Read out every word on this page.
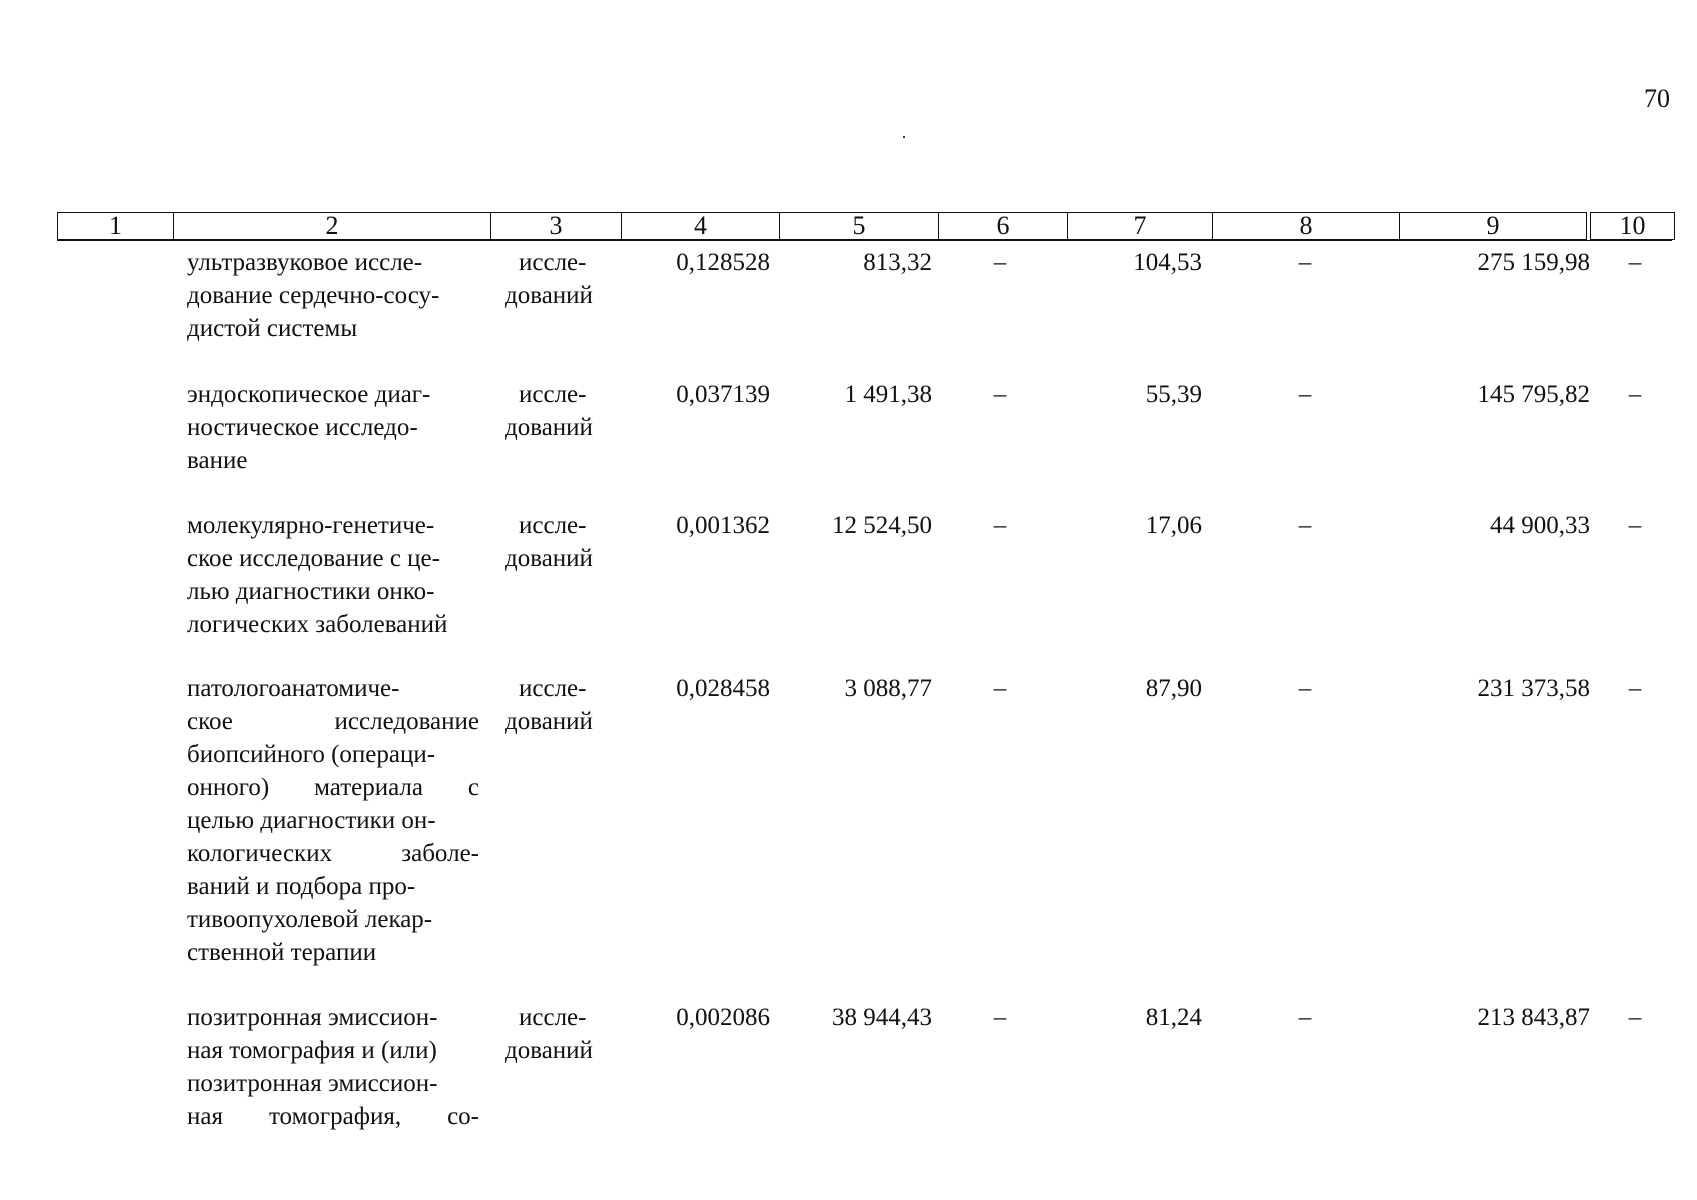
70
1	2	3	4	5	6	7	8	9	10
ультразвуковое иссле-
дование сердечно-сосу-
дистой системы
иссле-
дований
0,128528	813,32	–	104,53	–	275 159,98	–
эндоскопическое диаг-
ностическое исследо-
вание
иссле-
дований
0,037139	1 491,38	–	55,39	–	145 795,82	–
молекулярно-генетиче-
ское исследование с це-
лью диагностики онко-
логических заболеваний
иссле-
дований
0,001362	12 524,50	–	17,06	–	44 900,33	–
патологоанатомиче-
ское исследование
биопсийного (операци-
онного) материала с
целью диагностики он-
кологических заболе-
ваний и подбора про-
тивоопухолевой лекар-
ственной терапии
иссле-
дований
0,028458	3 088,77	–	87,90	–	231 373,58	–
позитронная эмиссион-
ная томография и (или)
позитронная эмиссион-
ная томография, со-
иссле-
дований
0,002086	38 944,43	–	81,24	–	213 843,87	–
